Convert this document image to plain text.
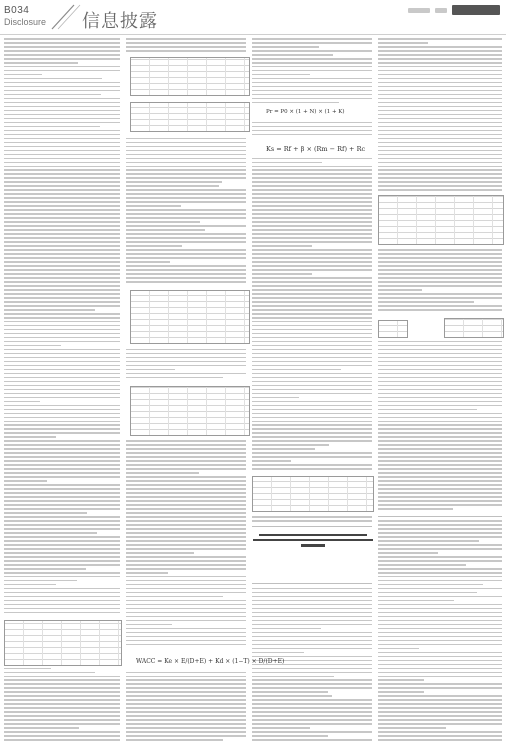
B034
Disclosure 信息披露
Pr = P0 × (1 + N) × (1 + K)
Ks = Rf + β × (Rm − Rf) + Rc
WACC = Ke × E/(D+E) + Kd × (1−T) × D/(D+E)
